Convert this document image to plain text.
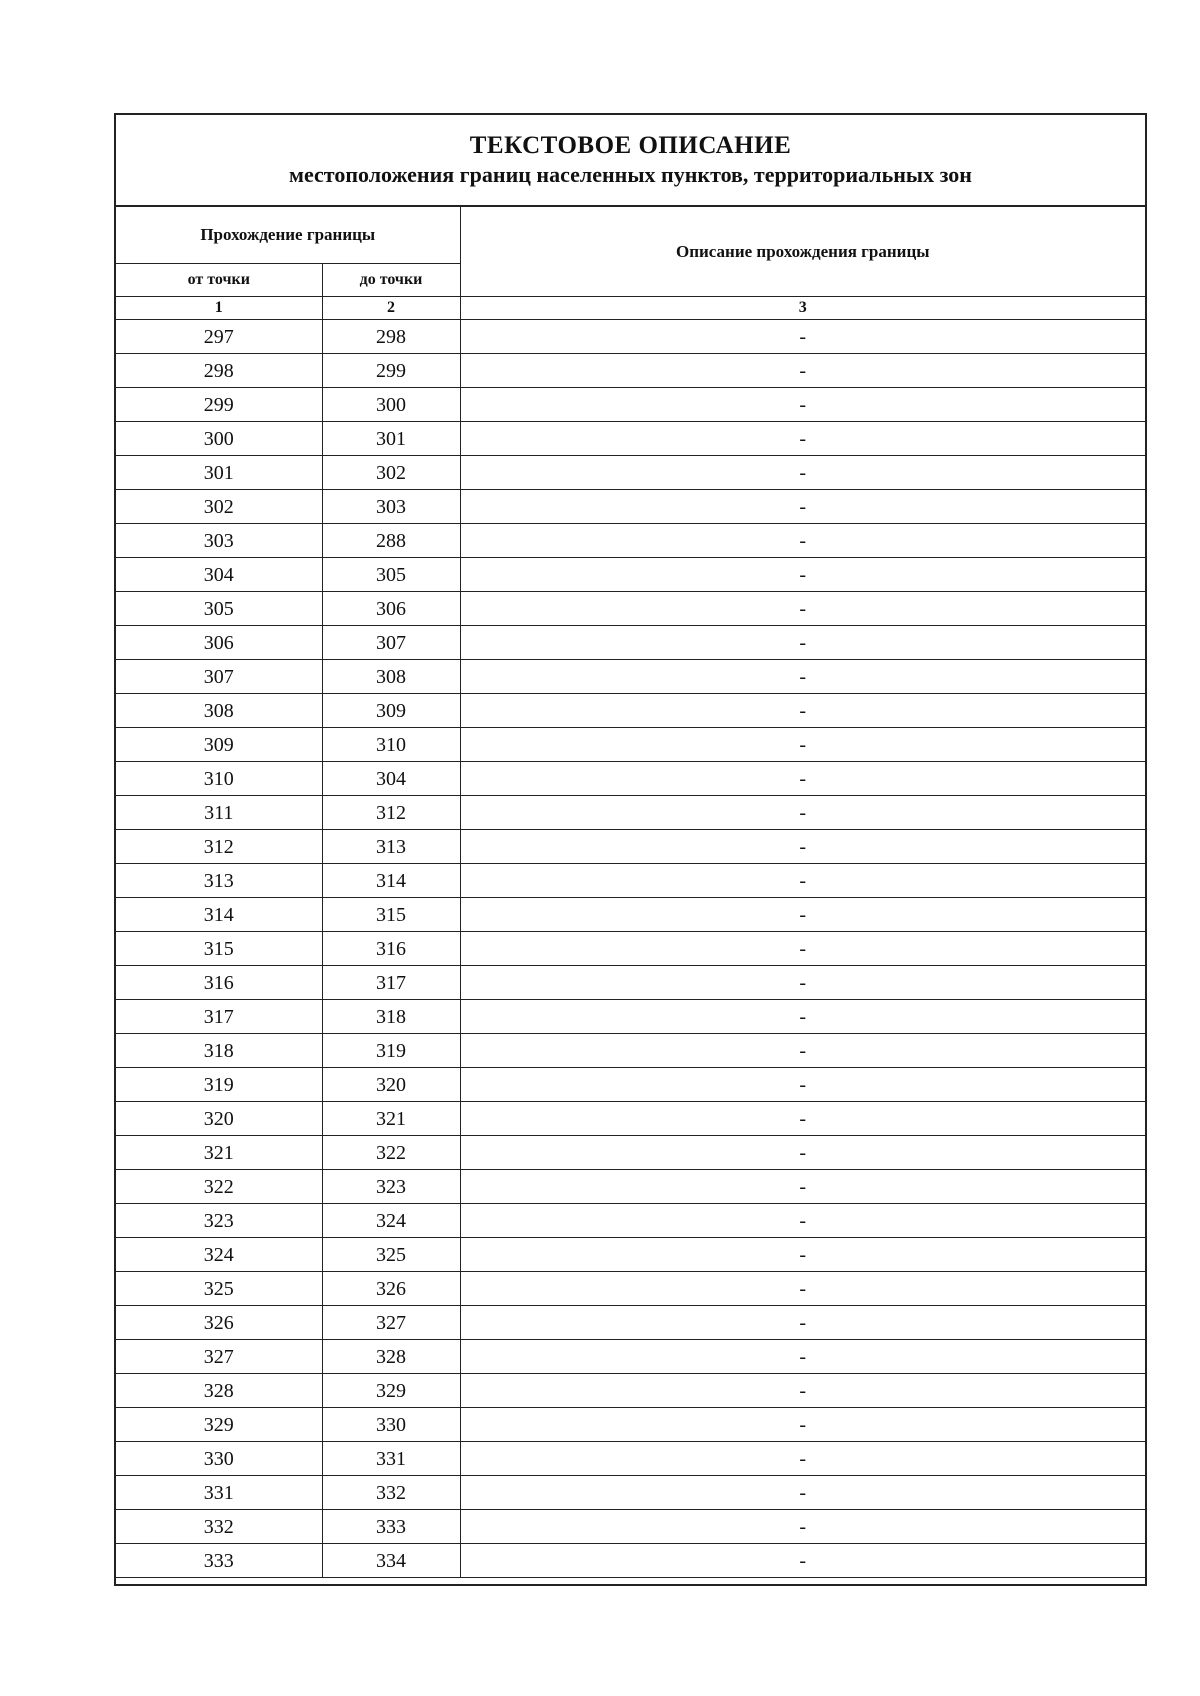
ТЕКСТОВОЕ ОПИСАНИЕ
местоположения границ населенных пунктов, территориальных зон
Прохождение границы		Описание прохождения границы
от точки	до точки	
1	2	3
297	298	-
298	299	-
299	300	-
300	301	-
301	302	-
302	303	-
303	288	-
304	305	-
305	306	-
306	307	-
307	308	-
308	309	-
309	310	-
310	304	-
311	312	-
312	313	-
313	314	-
314	315	-
315	316	-
316	317	-
317	318	-
318	319	-
319	320	-
320	321	-
321	322	-
322	323	-
323	324	-
324	325	-
325	326	-
326	327	-
327	328	-
328	329	-
329	330	-
330	331	-
331	332	-
332	333	-
333	334	-
